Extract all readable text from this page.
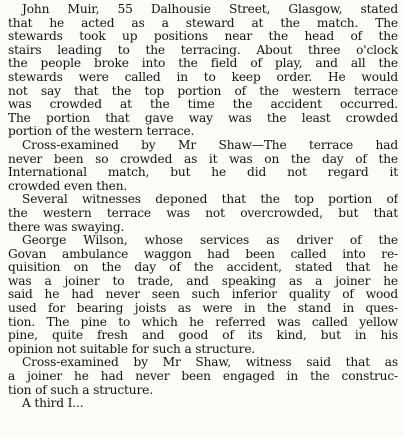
John Muir, 55 Dalhousie Street, Glasgow, stated
that he acted as a steward at the match. The
stewards took up positions near the head of the
stairs leading to the terracing. About three o'clock
the people broke into the field of play, and all the
stewards were called in to keep order. He would
not say that the top portion of the western terrace
was crowded at the time the accident occurred.
The portion that gave way was the least crowded
portion of the western terrace.
Cross-examined by Mr Shaw—The terrace had
never been so crowded as it was on the day of the
International match, but he did not regard it
crowded even then.
Several witnesses deponed that the top portion of
the western terrace was not overcrowded, but that
there was swaying.
George Wilson, whose services as driver of the
Govan ambulance waggon had been called into re-
quisition on the day of the accident, stated that he
was a joiner to trade, and speaking as a joiner he
said he had never seen such inferior quality of wood
used for bearing joists as were in the stand in ques-
tion. The pine to which he referred was called yellow
pine, quite fresh and good of its kind, but in his
opinion not suitable for such a structure.
Cross-examined by Mr Shaw, witness said that as
a joiner he had never been engaged in the construc-
tion of such a structure.
A third I...
